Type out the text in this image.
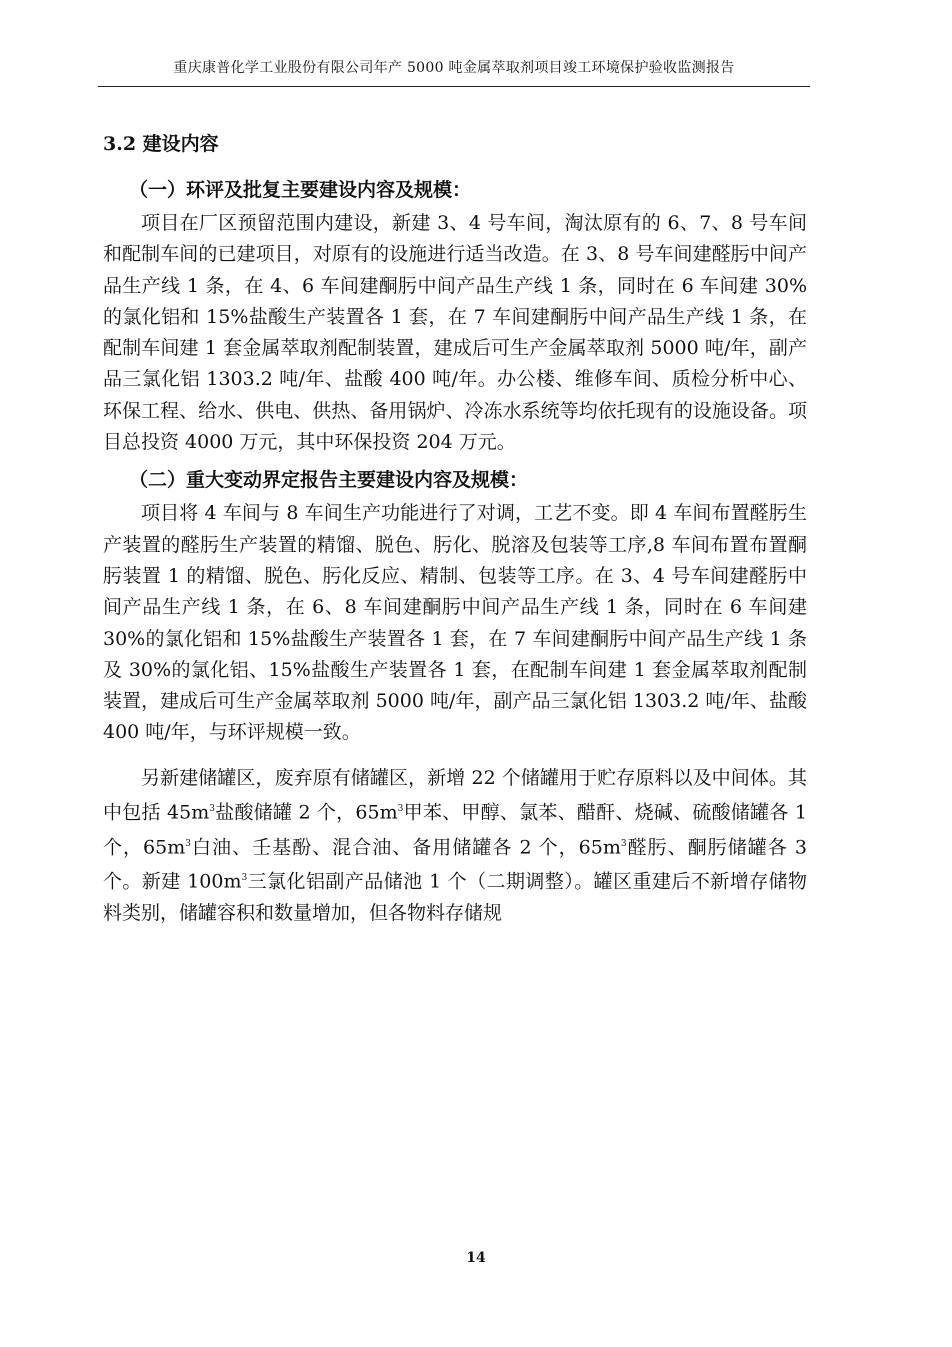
重庆康普化学工业股份有限公司年产 5000 吨金属萃取剂项目竣工环境保护验收监测报告
3.2 建设内容
（一）环评及批复主要建设内容及规模：

项目在厂区预留范围内建设，新建 3、4 号车间，淘汰原有的 6、7、8 号车间和配制车间的已建项目，对原有的设施进行适当改造。在 3、8 号车间建醛肟中间产品生产线 1 条，在 4、6 车间建酮肟中间产品生产线 1 条，同时在 6 车间建 30%的氯化铝和 15%盐酸生产装置各 1 套，在 7 车间建酮肟中间产品生产线 1 条，在配制车间建 1 套金属萃取剂配制装置，建成后可生产金属萃取剂 5000 吨/年，副产品三氯化铝 1303.2 吨/年、盐酸 400 吨/年。办公楼、维修车间、质检分析中心、环保工程、给水、供电、供热、备用锅炉、冷冻水系统等均依托现有的设施设备。项目总投资 4000 万元，其中环保投资 204 万元。

（二）重大变动界定报告主要建设内容及规模：

项目将 4 车间与 8 车间生产功能进行了对调，工艺不变。即 4 车间布置醛肟生产装置的醛肟生产装置的精馏、脱色、肟化、脱溶及包装等工序,8 车间布置布置酮肟装置 1 的精馏、脱色、肟化反应、精制、包装等工序。在 3、4 号车间建醛肟中间产品生产线 1 条，在 6、8 车间建酮肟中间产品生产线 1 条，同时在 6 车间建 30%的氯化铝和 15%盐酸生产装置各 1 套，在 7 车间建酮肟中间产品生产线 1 条及 30%的氯化铝、15%盐酸生产装置各 1 套，在配制车间建 1 套金属萃取剂配制装置，建成后可生产金属萃取剂 5000 吨/年，副产品三氯化铝 1303.2 吨/年、盐酸 400 吨/年，与环评规模一致。

另新建储罐区，废弃原有储罐区，新增 22 个储罐用于贮存原料以及中间体。其中包括 $45m^3$盐酸储罐 2 个，$65m^3$甲苯、甲醇、氯苯、醋酐、烧碱、硫酸储罐各 1 个，$65m^3$白油、壬基酚、混合油、备用储罐各 2 个，$65m^3$醛肟、酮肟储罐各 3 个。新建 $100m^3$三氯化铝副产品储池 1 个（二期调整）。罐区重建后不新增存储物料类别，储罐容积和数量增加，但各物料存储规

14
